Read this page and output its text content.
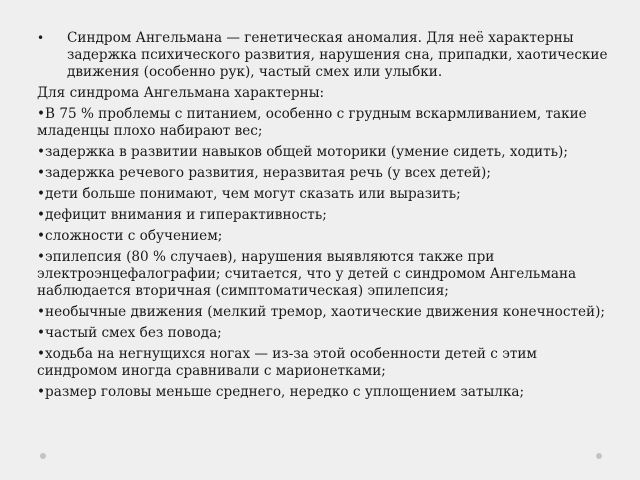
•	Синдром Ангельмана — генетическая аномалия. Для неё характерны задержка психического развития, нарушения сна, припадки, хаотические движения (особенно рук), частый смех или улыбки.

Для синдрома Ангельмана характерны:

•В 75 % проблемы с питанием, особенно с грудным вскармливанием, такие младенцы плохо набирают вес;

•задержка в развитии навыков общей моторики (умение сидеть, ходить);

•задержка речевого развития, неразвитая речь (у всех детей);

•дети больше понимают, чем могут сказать или выразить;

•дефицит внимания и гиперактивность;

•сложности с обучением;

•эпилепсия (80 % случаев), нарушения выявляются также при электроэнцефалографии; считается, что у детей с синдромом Ангельмана наблюдается вторичная (симптоматическая) эпилепсия;

•необычные движения (мелкий тремор, хаотические движения конечностей);

•частый смех без повода;

•ходьба на негнущихся ногах — из-за этой особенности детей с этим синдромом иногда сравнивали с марионетками;

•размер головы меньше среднего, нередко с уплощением затылка;
